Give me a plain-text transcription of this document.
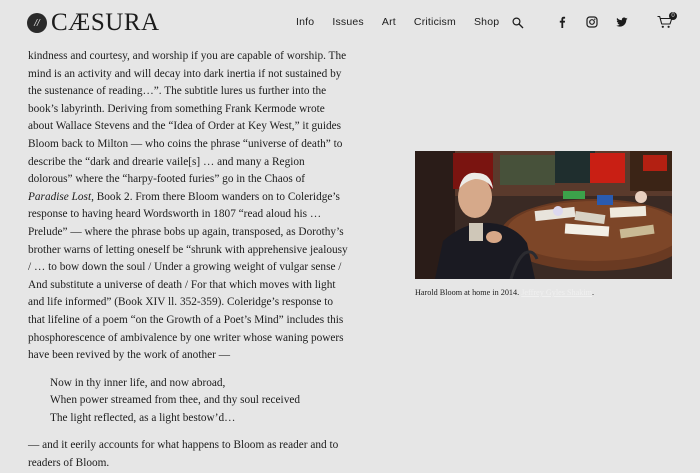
// CÆSURA	Info Issues Art Criticism Shop	0

kindness and courtesy, and worship if you are capable of worship. The mind is an activity and will decay into dark inertia if not sustained by the sustenance of reading…”. The subtitle lures us further into the book’s labyrinth. Deriving from something Frank Kermode wrote about Wallace Stevens and the “Idea of Order at Key West,” it guides Bloom back to Milton — who coins the phrase “universe of death” to describe the “dark and drearie vaile[s] … and many a Region dolorous” where the “harpy-footed furies” go in the Chaos of Paradise Lost, Book 2. From there Bloom wanders on to Coleridge’s response to having heard Wordsworth in 1807 “read aloud his … Prelude” — where the phrase bobs up again, transposed, as Dorothy’s brother warns of letting oneself be “shrunk with apprehensive jealousy / … to bow down the soul / Under a growing weight of vulgar sense / And substitute a universe of death / For that which moves with light and life informed” (Book XIV ll. 352-359). Coleridge’s response to that lifeline of a poem “on the Growth of a Poet’s Mind” includes this phosphorescence of ambivalence by one writer whose waning powers have been revived by the work of another —

Now in thy inner life, and now abroad,
When power streamed from thee, and thy soul received
The light reflected, as a light bestow’d…

— and it eerily accounts for what happens to Bloom as reader and to readers of Bloom.

Harold Bloom at home in 2014. Jeffrey Gyles Shakim.
